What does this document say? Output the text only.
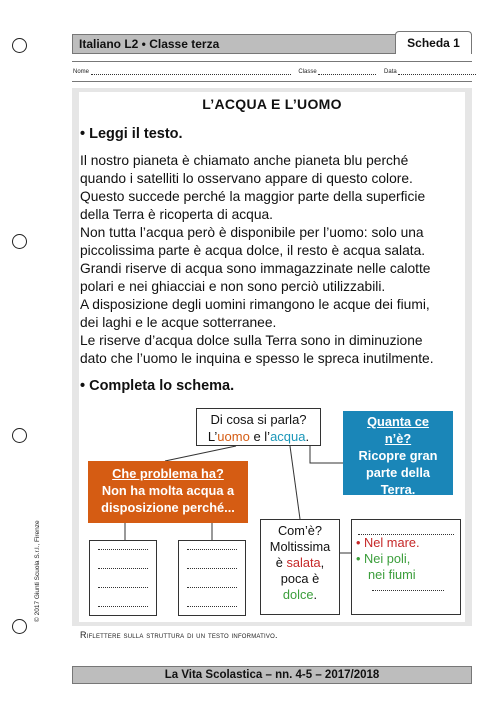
Italiano L2 • Classe terza	Scheda 1
Nome	Classe	Data
L’ACQUA E L’UOMO
• Leggi il testo.
Il nostro pianeta è chiamato anche pianeta blu perché
quando i satelliti lo osservano appare di questo colore.
Questo succede perché la maggior parte della superficie
della Terra è ricoperta di acqua.
Non tutta l’acqua però è disponibile per l’uomo: solo una
piccolissima parte è acqua dolce, il resto è acqua salata.
Grandi riserve di acqua sono immagazzinate nelle calotte
polari e nei ghiacciai e non sono perciò utilizzabili.
A disposizione degli uomini rimangono le acque dei fiumi,
dei laghi e le acque sotterranee.
Le riserve d’acqua dolce sulla Terra sono in diminuzione
dato che l’uomo le inquina e spesso le spreca inutilmente.
• Completa lo schema.
Di cosa si parla?
L’uomo e l’acqua.
Quanta ce
n’è?
Ricopre gran
parte della
Terra.
Che problema ha?
Non ha molta acqua a
disposizione perché...
Com’è?
Moltissima
è salata,
poca è
dolce.
• Nel mare.
• Nei poli,
nei fiumi
© 2017 Giunti Scuola S.r.l., Firenze
Riflettere sulla struttura di un testo informativo.
La Vita Scolastica – nn. 4-5 – 2017/2018
